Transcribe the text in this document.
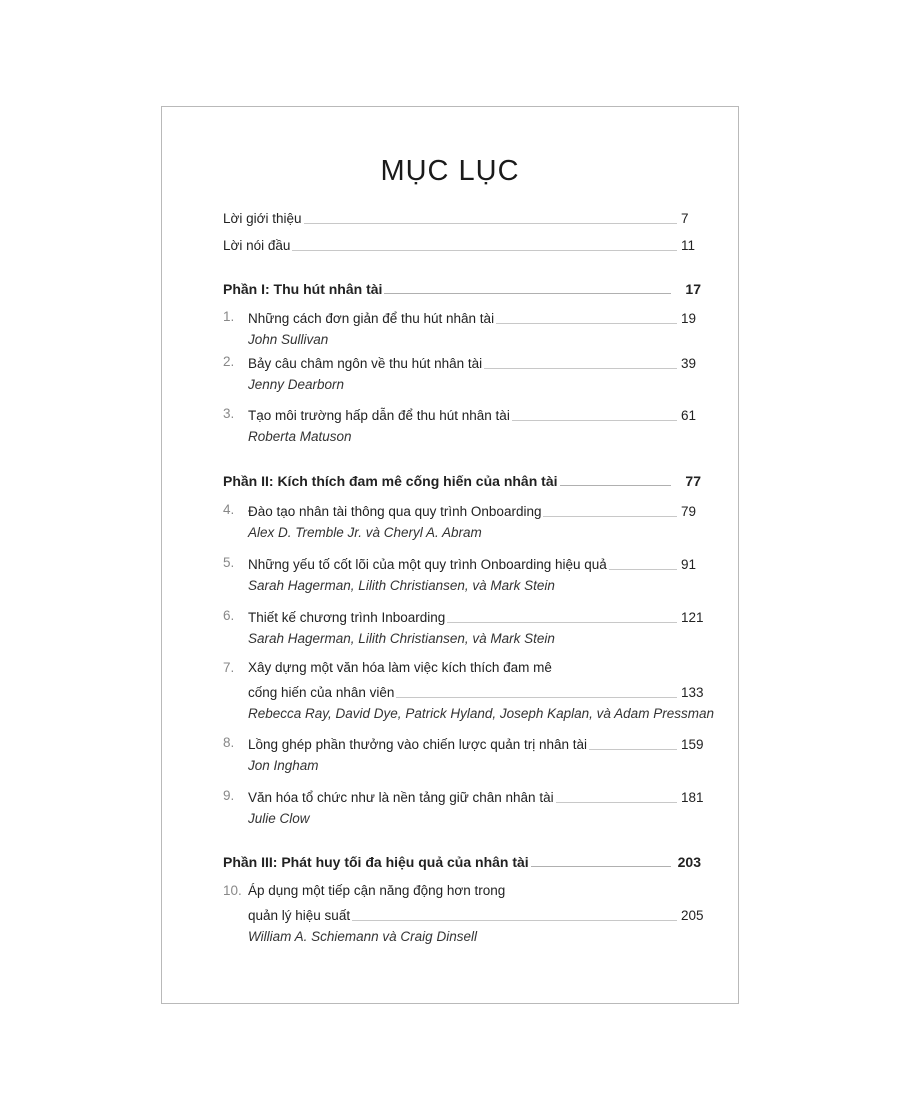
MỤC LỤC
Lời giới thiệu	7
Lời nói đầu	11
Phần I: Thu hút nhân tài	17
1.	Những cách đơn giản để thu hút nhân tài	19
John Sullivan
2.	Bảy câu châm ngôn về thu hút nhân tài	39
Jenny Dearborn
3.	Tạo môi trường hấp dẫn để thu hút nhân tài	61
Roberta Matuson
Phần II: Kích thích đam mê cống hiến của nhân tài	77
4.	Đào tạo nhân tài thông qua quy trình Onboarding	79
Alex D. Tremble Jr. và Cheryl A. Abram
5.	Những yếu tố cốt lõi của một quy trình Onboarding hiệu quả	91
Sarah Hagerman, Lilith Christiansen, và Mark Stein
6.	Thiết kế chương trình Inboarding	121
Sarah Hagerman, Lilith Christiansen, và Mark Stein
7.	Xây dựng một văn hóa làm việc kích thích đam mê
cống hiến của nhân viên	133
Rebecca Ray, David Dye, Patrick Hyland, Joseph Kaplan, và Adam Pressman
8.	Lồng ghép phần thưởng vào chiến lược quản trị nhân tài	159
Jon Ingham
9.	Văn hóa tổ chức như là nền tảng giữ chân nhân tài	181
Julie Clow
Phần III: Phát huy tối đa hiệu quả của nhân tài	203
10. Áp dụng một tiếp cận năng động hơn trong
quản lý hiệu suất	205
William A. Schiemann và Craig Dinsell
